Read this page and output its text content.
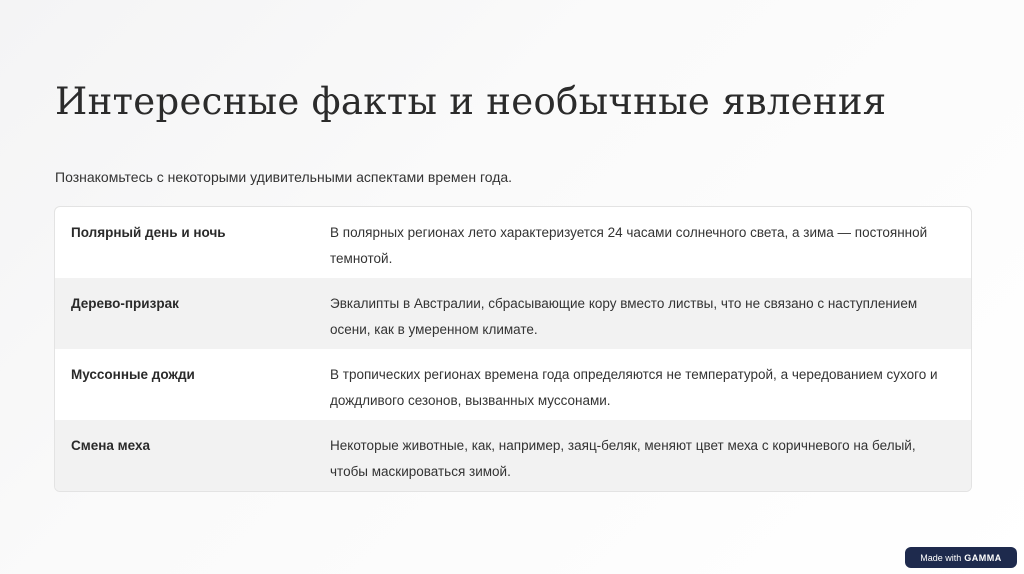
Интересные факты и необычные явления

Познакомьтесь с некоторыми удивительными аспектами времен года.

Полярный день и ночь	В полярных регионах лето характеризуется 24 часами солнечного света, а зима — постоянной темнотой.
Дерево-призрак	Эвкалипты в Австралии, сбрасывающие кору вместо листвы, что не связано с наступлением осени, как в умеренном климате.
Муссонные дожди	В тропических регионах времена года определяются не температурой, а чередованием сухого и дождливого сезонов, вызванных муссонами.
Смена меха	Некоторые животные, как, например, заяц-беляк, меняют цвет меха с коричневого на белый, чтобы маскироваться зимой.
Made with GAMMA
